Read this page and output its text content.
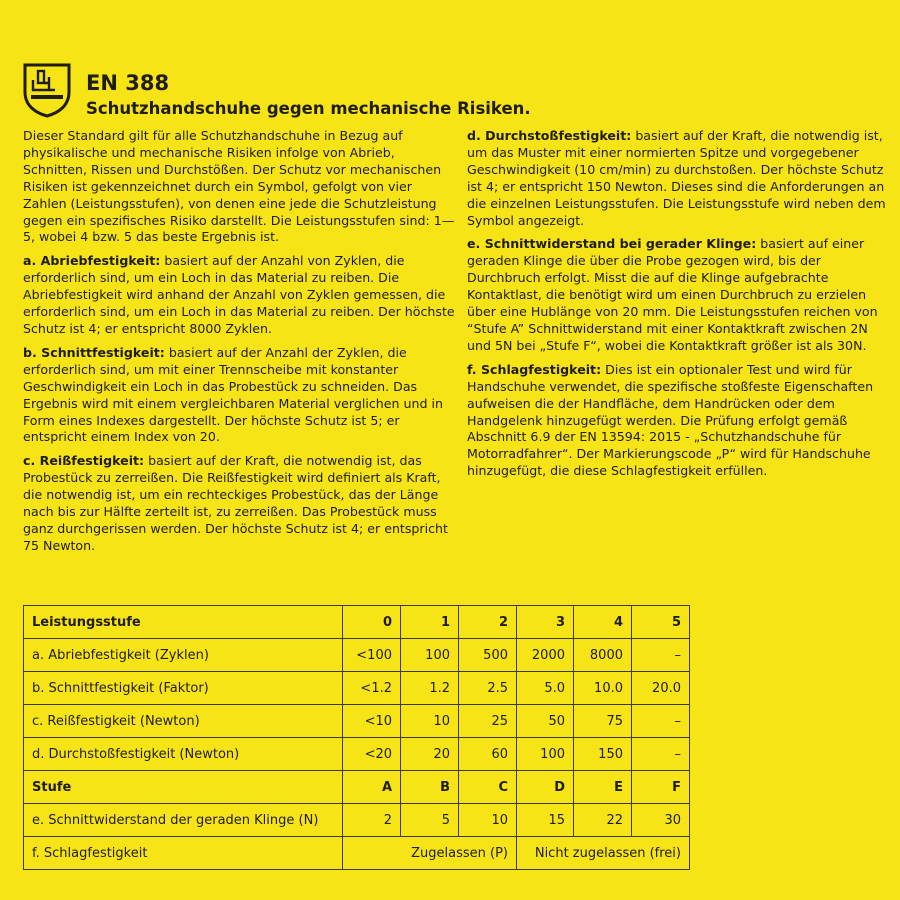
EN 388
Schutzhandschuhe gegen mechanische Risiken.

Dieser Standard gilt für alle Schutzhandschuhe in Bezug auf physikalische und mechanische Risiken infolge von Abrieb, Schnitten, Rissen und Durchstößen. Der Schutz vor mechanischen Risiken ist gekennzeichnet durch ein Symbol, gefolgt von vier Zahlen (Leistungsstufen), von denen eine jede die Schutzleistung gegen ein spezifisches Risiko darstellt. Die Leistungsstufen sind: 1—5, wobei 4 bzw. 5 das beste Ergebnis ist.

a. Abriebfestigkeit: basiert auf der Anzahl von Zyklen, die erforderlich sind, um ein Loch in das Material zu reiben. Die Abriebfestigkeit wird anhand der Anzahl von Zyklen gemessen, die erforderlich sind, um ein Loch in das Material zu reiben. Der höchste Schutz ist 4; er entspricht 8000 Zyklen.

b. Schnittfestigkeit: basiert auf der Anzahl der Zyklen, die erforderlich sind, um mit einer Trennscheibe mit konstanter Geschwindigkeit ein Loch in das Probestück zu schneiden. Das Ergebnis wird mit einem vergleichbaren Material verglichen und in Form eines Indexes dargestellt. Der höchste Schutz ist 5; er entspricht einem Index von 20.

c. Reißfestigkeit: basiert auf der Kraft, die notwendig ist, das Probestück zu zerreißen. Die Reißfestigkeit wird definiert als Kraft, die notwendig ist, um ein rechteckiges Probestück, das der Länge nach bis zur Hälfte zerteilt ist, zu zerreißen. Das Probestück muss ganz durchgerissen werden. Der höchste Schutz ist 4; er entspricht 75 Newton.

d. Durchstoßfestigkeit: basiert auf der Kraft, die notwendig ist, um das Muster mit einer normierten Spitze und vorgegebener Geschwindigkeit (10 cm/min) zu durchstoßen. Der höchste Schutz ist 4; er entspricht 150 Newton. Dieses sind die Anforderungen an die einzelnen Leistungsstufen. Die Leistungsstufe wird neben dem Symbol angezeigt.

e. Schnittwiderstand bei gerader Klinge: basiert auf einer geraden Klinge die über die Probe gezogen wird, bis der Durchbruch erfolgt. Misst die auf die Klinge aufgebrachte Kontaktlast, die benötigt wird um einen Durchbruch zu erzielen über eine Hublänge von 20 mm. Die Leistungsstufen reichen von “Stufe A” Schnittwiderstand mit einer Kontaktkraft zwischen 2N und 5N bei „Stufe F“, wobei die Kontaktkraft größer ist als 30N.

f. Schlagfestigkeit: Dies ist ein optionaler Test und wird für Handschuhe verwendet, die spezifische stoßfeste Eigenschaften aufweisen die der Handfläche, dem Handrücken oder dem Handgelenk hinzugefügt werden. Die Prüfung erfolgt gemäß Abschnitt 6.9 der EN 13594: 2015 - „Schutzhandschuhe für Motorradfahrer“. Der Markierungscode „P“ wird für Handschuhe hinzugefügt, die diese Schlagfestigkeit erfüllen.

Leistungsstufe	0	1	2	3	4	5
a. Abriebfestigkeit (Zyklen)	<100	100	500	2000	8000	–
b. Schnittfestigkeit (Faktor)	<1.2	1.2	2.5	5.0	10.0	20.0
c. Reißfestigkeit (Newton)	<10	10	25	50	75	–
d. Durchstoßfestigkeit (Newton)	<20	20	60	100	150	–
Stufe	A	B	C	D	E	F
e. Schnittwiderstand der geraden Klinge (N)	2	5	10	15	22	30
f. Schlagfestigkeit	Zugelassen (P)			Nicht zugelassen (frei)		
